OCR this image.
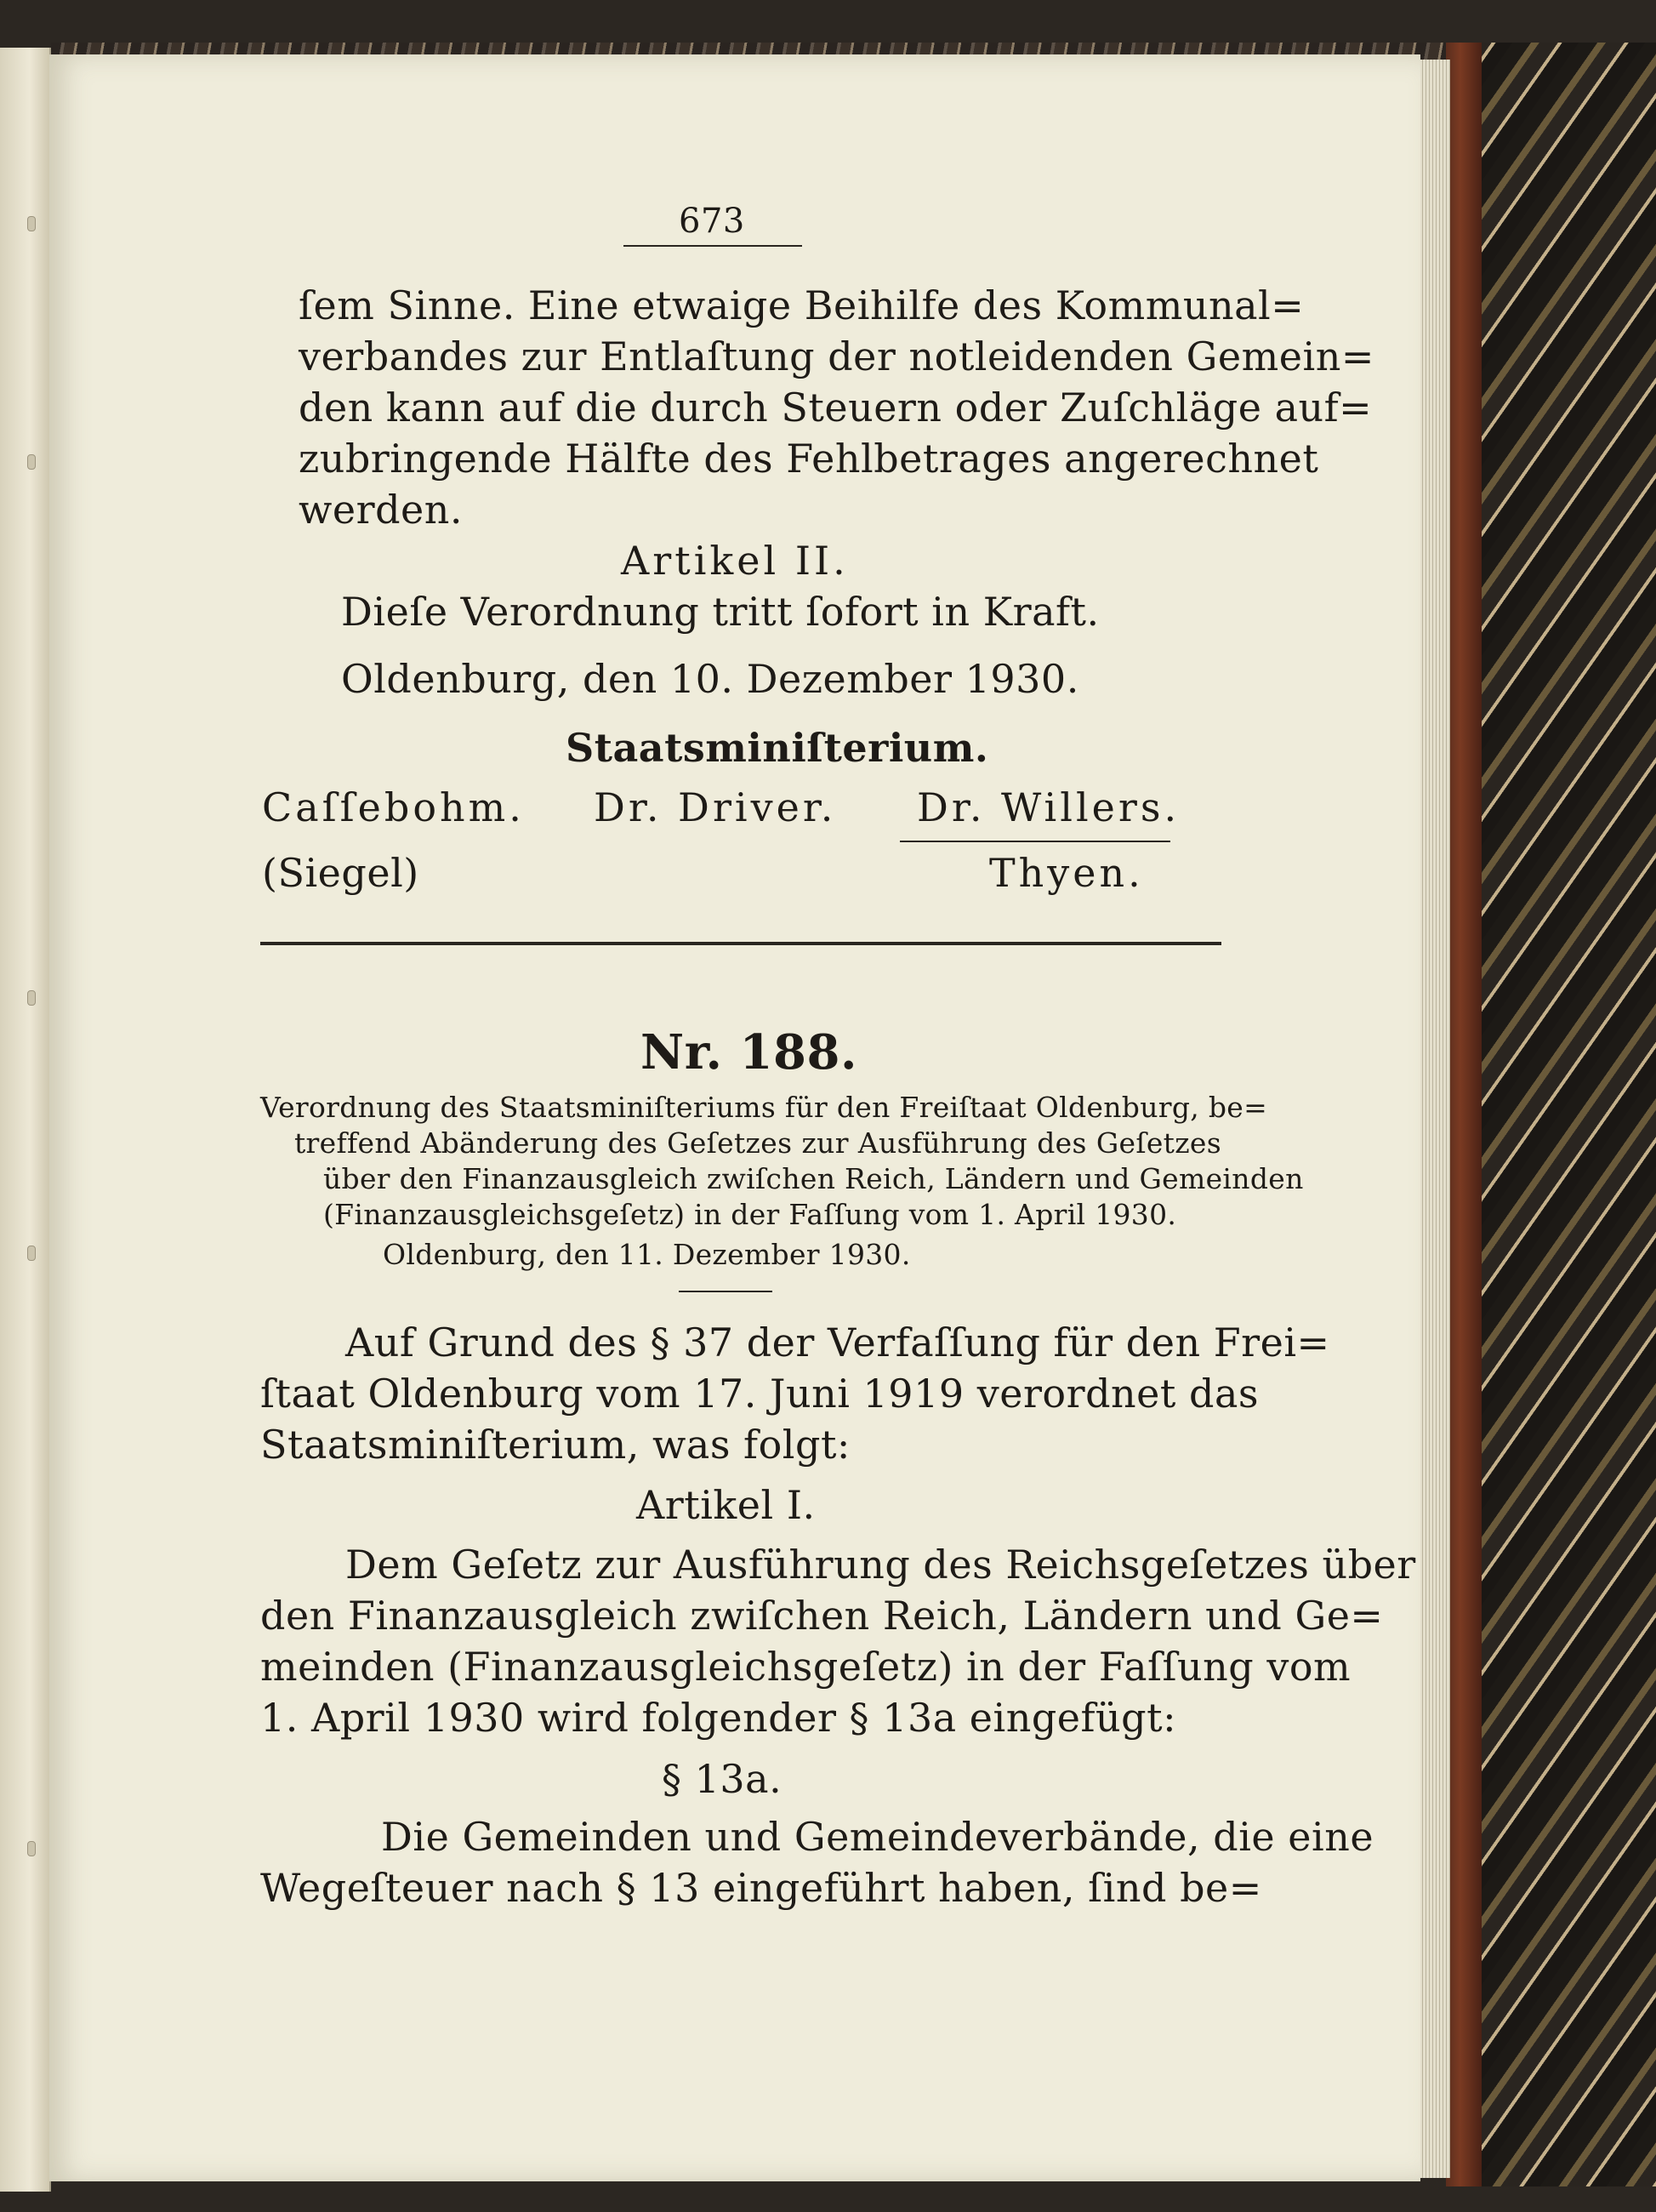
673
ſem Sinne. Eine etwaige Beihilfe des Kommunal=
verbandes zur Entlaſtung der notleidenden Gemein=
den kann auf die durch Steuern oder Zuſchläge auf=
zubringende Hälfte des Fehlbetrages angerechnet
werden.
Artikel II.
Dieſe Verordnung tritt ſofort in Kraft.
Oldenburg, den 10. Dezember 1930.
Staatsminiſterium.
Caſſebohm. Dr. Driver. Dr. Willers.
(Siegel)	Thyen.
Nr. 188.
Verordnung des Staatsminiſteriums für den Freiſtaat Oldenburg, be=
treffend Abänderung des Geſetzes zur Ausführung des Geſetzes
über den Finanzausgleich zwiſchen Reich, Ländern und Gemeinden
(Finanzausgleichsgeſetz) in der Faſſung vom 1. April 1930.
Oldenburg, den 11. Dezember 1930.
Auf Grund des § 37 der Verfaſſung für den Frei=
ſtaat Oldenburg vom 17. Juni 1919 verordnet das
Staatsminiſterium, was folgt:
Artikel I.
Dem Geſetz zur Ausführung des Reichsgeſetzes über
den Finanzausgleich zwiſchen Reich, Ländern und Ge=
meinden (Finanzausgleichsgeſetz) in der Faſſung vom
1. April 1930 wird folgender § 13a eingefügt:
§ 13a.
Die Gemeinden und Gemeindeverbände, die eine
Wegeſteuer nach § 13 eingeführt haben, ſind be=
